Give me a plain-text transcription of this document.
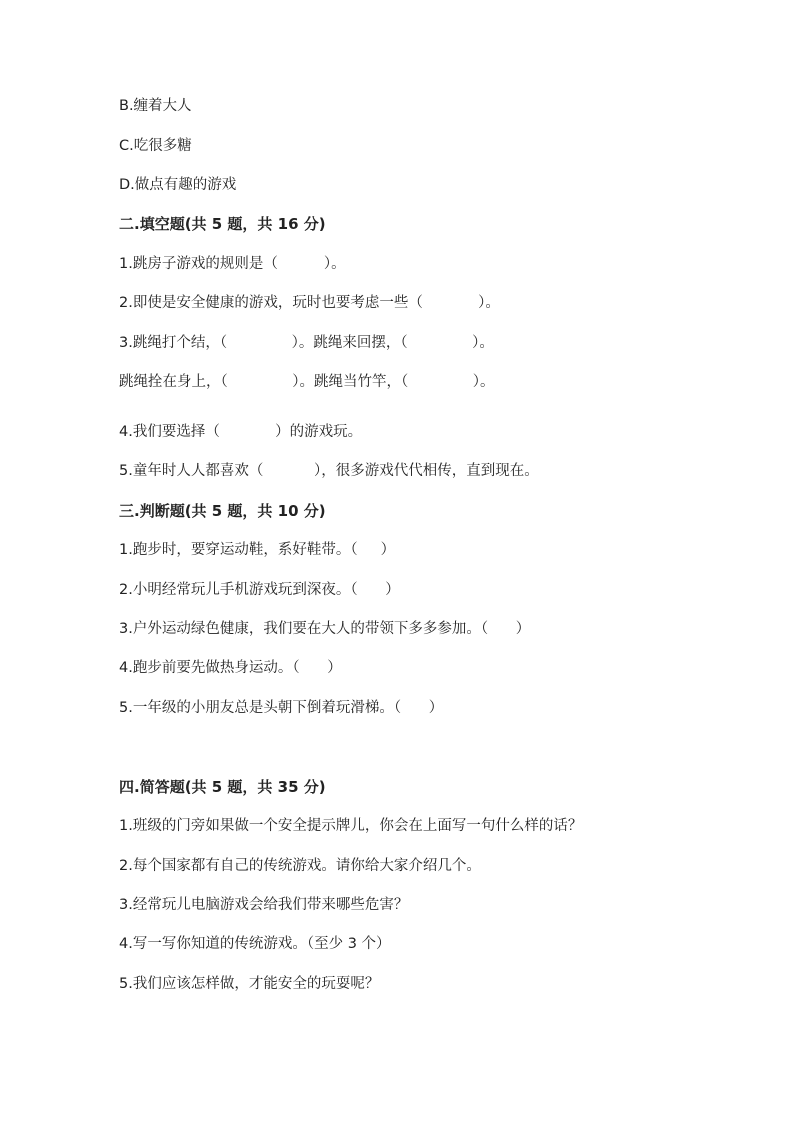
B.缠着大人
C.吃很多糖
D.做点有趣的游戏
二.填空题(共 5 题，共 16 分)
1.跳房子游戏的规则是（          ）。
2.即使是安全健康的游戏，玩时也要考虑一些（            ）。
3.跳绳打个结，（              ）。跳绳来回摆，（              ）。
跳绳拴在身上，（              ）。跳绳当竹竿，（              ）。
4.我们要选择（            ）的游戏玩。
5.童年时人人都喜欢（           ），很多游戏代代相传，直到现在。
三.判断题(共 5 题，共 10 分)
1.跑步时，要穿运动鞋，系好鞋带。（     ）
2.小明经常玩儿手机游戏玩到深夜。（      ）
3.户外运动绿色健康，我们要在大人的带领下多多参加。（      ）
4.跑步前要先做热身运动。（      ）
5.一年级的小朋友总是头朝下倒着玩滑梯。（      ）
四.简答题(共 5 题，共 35 分)
1.班级的门旁如果做一个安全提示牌儿，你会在上面写一句什么样的话？
2.每个国家都有自己的传统游戏。请你给大家介绍几个。
3.经常玩儿电脑游戏会给我们带来哪些危害？
4.写一写你知道的传统游戏。（至少 3 个）
5.我们应该怎样做，才能安全的玩耍呢？
